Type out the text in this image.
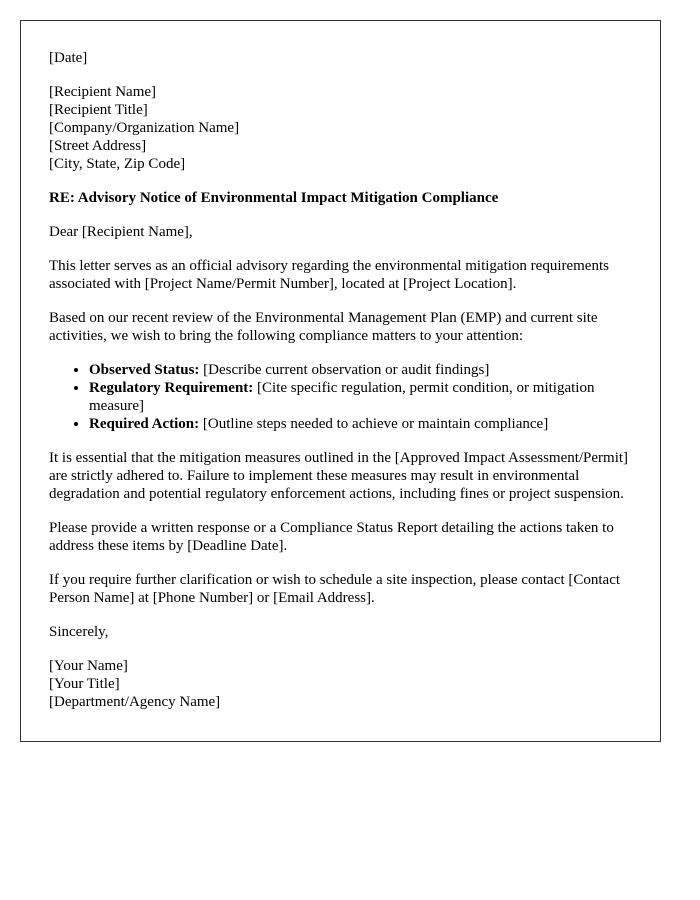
[Date]

[Recipient Name]
[Recipient Title]
[Company/Organization Name]
[Street Address]
[City, State, Zip Code]

RE: Advisory Notice of Environmental Impact Mitigation Compliance

Dear [Recipient Name],

This letter serves as an official advisory regarding the environmental mitigation requirements associated with [Project Name/Permit Number], located at [Project Location].

Based on our recent review of the Environmental Management Plan (EMP) and current site activities, we wish to bring the following compliance matters to your attention:

• Observed Status: [Describe current observation or audit findings]
• Regulatory Requirement: [Cite specific regulation, permit condition, or mitigation measure]
• Required Action: [Outline steps needed to achieve or maintain compliance]

It is essential that the mitigation measures outlined in the [Approved Impact Assessment/Permit] are strictly adhered to. Failure to implement these measures may result in environmental degradation and potential regulatory enforcement actions, including fines or project suspension.

Please provide a written response or a Compliance Status Report detailing the actions taken to address these items by [Deadline Date].

If you require further clarification or wish to schedule a site inspection, please contact [Contact Person Name] at [Phone Number] or [Email Address].

Sincerely,

[Your Name]
[Your Title]
[Department/Agency Name]
